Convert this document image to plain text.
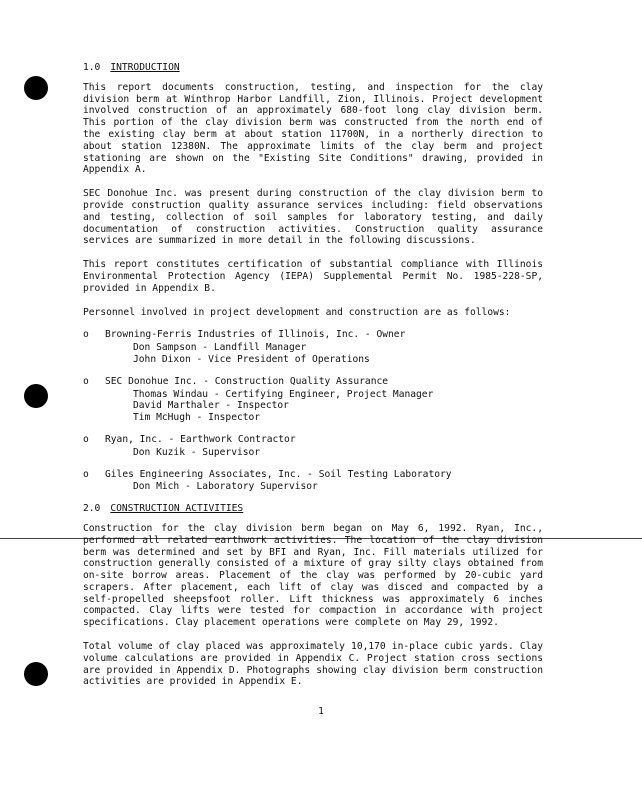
1.0 INTRODUCTION

This report documents construction, testing, and inspection for the clay division berm at Winthrop Harbor Landfill, Zion, Illinois. Project development involved construction of an approximately 680-foot long clay division berm. This portion of the clay division berm was constructed from the north end of the existing clay berm at about station 11700N, in a northerly direction to about station 12380N. The approximate limits of the clay berm and project stationing are shown on the "Existing Site Conditions" drawing, provided in Appendix A.

SEC Donohue Inc. was present during construction of the clay division berm to provide construction quality assurance services including: field observations and testing, collection of soil samples for laboratory testing, and daily documentation of construction activities. Construction quality assurance services are summarized in more detail in the following discussions.

This report constitutes certification of substantial compliance with Illinois Environmental Protection Agency (IEPA) Supplemental Permit No. 1985-228-SP, provided in Appendix B.

Personnel involved in project development and construction are as follows:

o	Browning-Ferris Industries of Illinois, Inc. - Owner
Don Sampson - Landfill Manager
John Dixon - Vice President of Operations
o	SEC Donohue Inc. - Construction Quality Assurance
Thomas Windau - Certifying Engineer, Project Manager
David Marthaler - Inspector
Tim McHugh - Inspector
o	Ryan, Inc. - Earthwork Contractor
Don Kuzik - Supervisor
o	Giles Engineering Associates, Inc. - Soil Testing Laboratory
Don Mich - Laboratory Supervisor
2.0 CONSTRUCTION ACTIVITIES

Construction for the clay division berm began on May 6, 1992. Ryan, Inc., performed all related earthwork activities. The location of the clay division berm was determined and set by BFI and Ryan, Inc. Fill materials utilized for construction generally consisted of a mixture of gray silty clays obtained from on-site borrow areas. Placement of the clay was performed by 20-cubic yard scrapers. After placement, each lift of clay was disced and compacted by a self-propelled sheepsfoot roller. Lift thickness was approximately 6 inches compacted. Clay lifts were tested for compaction in accordance with project specifications. Clay placement operations were complete on May 29, 1992.

Total volume of clay placed was approximately 10,170 in-place cubic yards. Clay volume calculations are provided in Appendix C. Project station cross sections are provided in Appendix D. Photographs showing clay division berm construction activities are provided in Appendix E.

1
